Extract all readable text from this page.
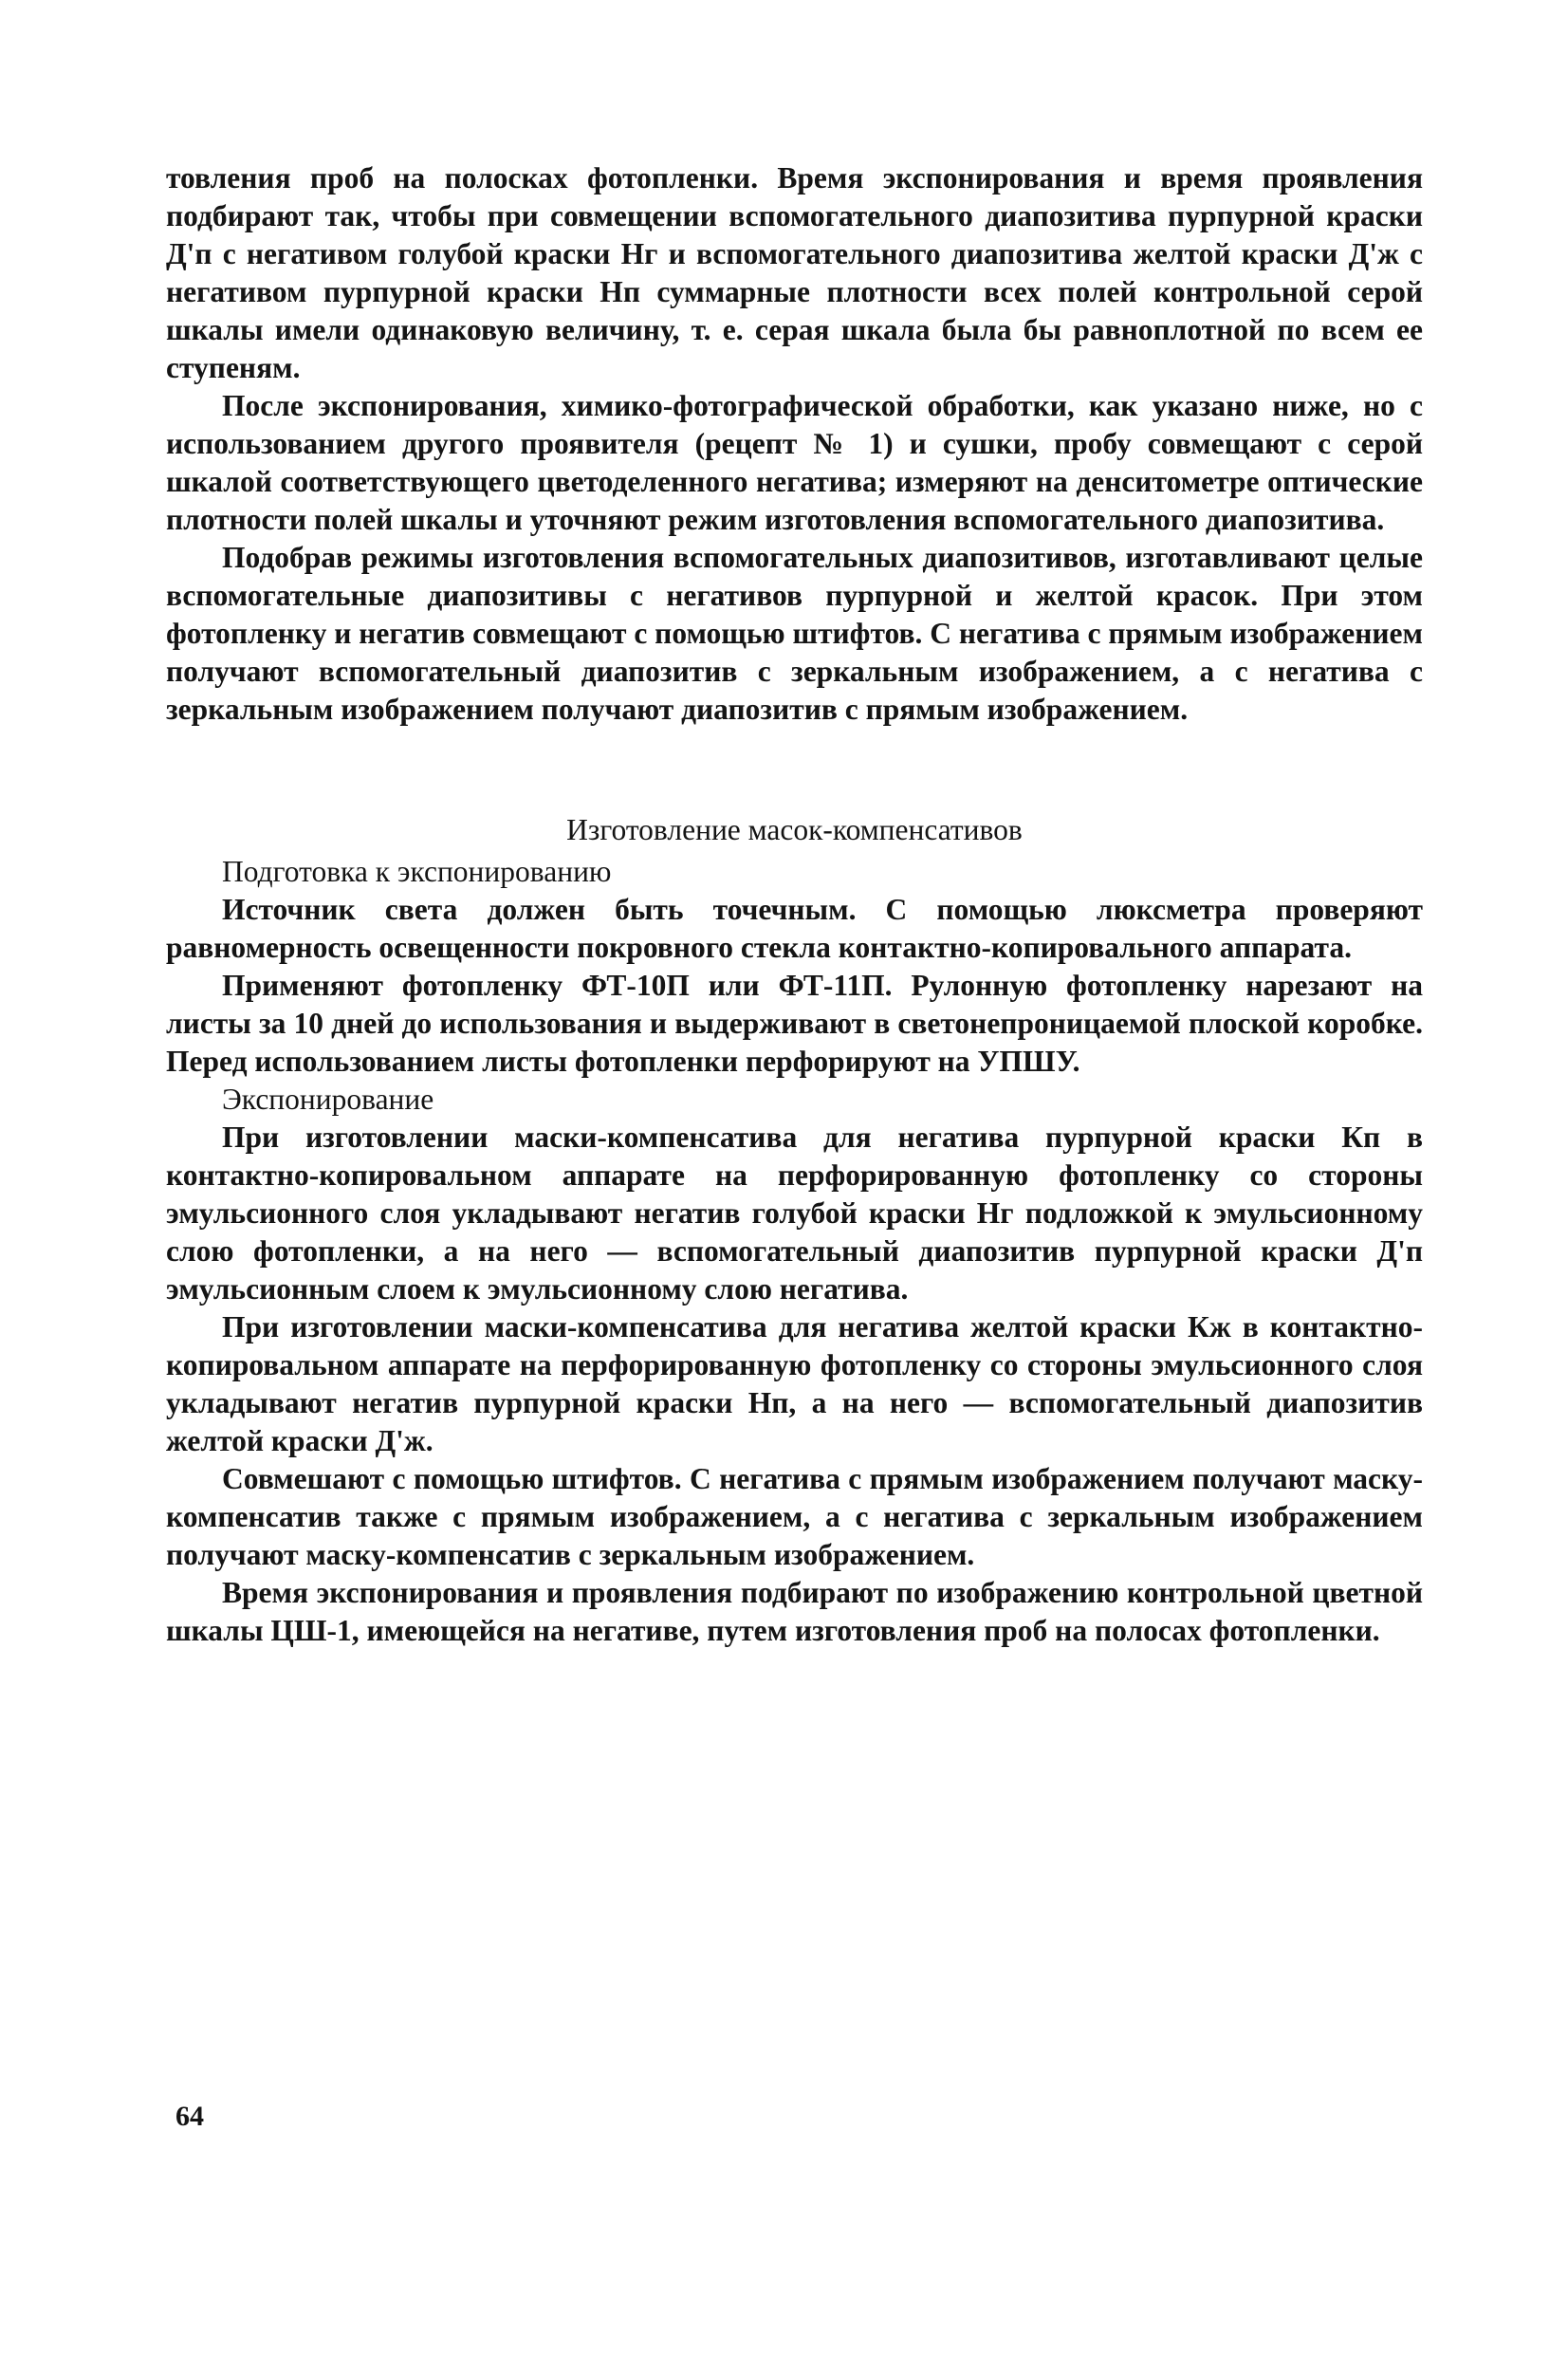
товления проб на полосках фотопленки. Время экспонирования и время проявления подбирают так, чтобы при совмещении вспомогательного диапозитива пурпурной краски Д'п с негативом голубой краски Нг и вспомогательного диапозитива желтой краски Д'ж с негативом пурпурной краски Нп суммарные плотности всех полей контрольной серой шкалы имели одинаковую величину, т. е. серая шкала была бы равноплотной по всем ее ступеням.

После экспонирования, химико-фотографической обработки, как указано ниже, но с использованием другого проявителя (рецепт № 1) и сушки, пробу совмещают с серой шкалой соответствующего цветоделенного негатива; измеряют на денситометре оптические плотности полей шкалы и уточняют режим изготовления вспомогательного диапозитива.

Подобрав режимы изготовления вспомогательных диапозитивов, изготавливают целые вспомогательные диапозитивы с негативов пурпурной и желтой красок. При этом фотопленку и негатив совмещают с помощью штифтов. С негатива с прямым изображением получают вспомогательный диапозитив с зеркальным изображением, а с негатива с зеркальным изображением получают диапозитив с прямым изображением.

Изготовление масок-компенсативов

Подготовка к экспонированию

Источник света должен быть точечным. С помощью люксметра проверяют равномерность освещенности покровного стекла контактно-копировального аппарата.

Применяют фотопленку ФТ-10П или ФТ-11П. Рулонную фотопленку нарезают на листы за 10 дней до использования и выдерживают в светонепроницаемой плоской коробке. Перед использованием листы фотопленки перфорируют на УПШУ.

Экспонирование

При изготовлении маски-компенсатива для негатива пурпурной краски Кп в контактно-копировальном аппарате на перфорированную фотопленку со стороны эмульсионного слоя укладывают негатив голубой краски Нг подложкой к эмульсионному слою фотопленки, а на него — вспомогательный диапозитив пурпурной краски Д'п эмульсионным слоем к эмульсионному слою негатива.

При изготовлении маски-компенсатива для негатива желтой краски Кж в контактно-копировальном аппарате на перфорированную фотопленку со стороны эмульсионного слоя укладывают негатив пурпурной краски Нп, а на него — вспомогательный диапозитив желтой краски Д'ж.

Совмешают с помощью штифтов. С негатива с прямым изображением получают маску-компенсатив также с прямым изображением, а с негатива с зеркальным изображением получают маску-компенсатив с зеркальным изображением.

Время экспонирования и проявления подбирают по изображению контрольной цветной шкалы ЦШ-1, имеющейся на негативе, путем изготовления проб на полосах фотопленки.

64
